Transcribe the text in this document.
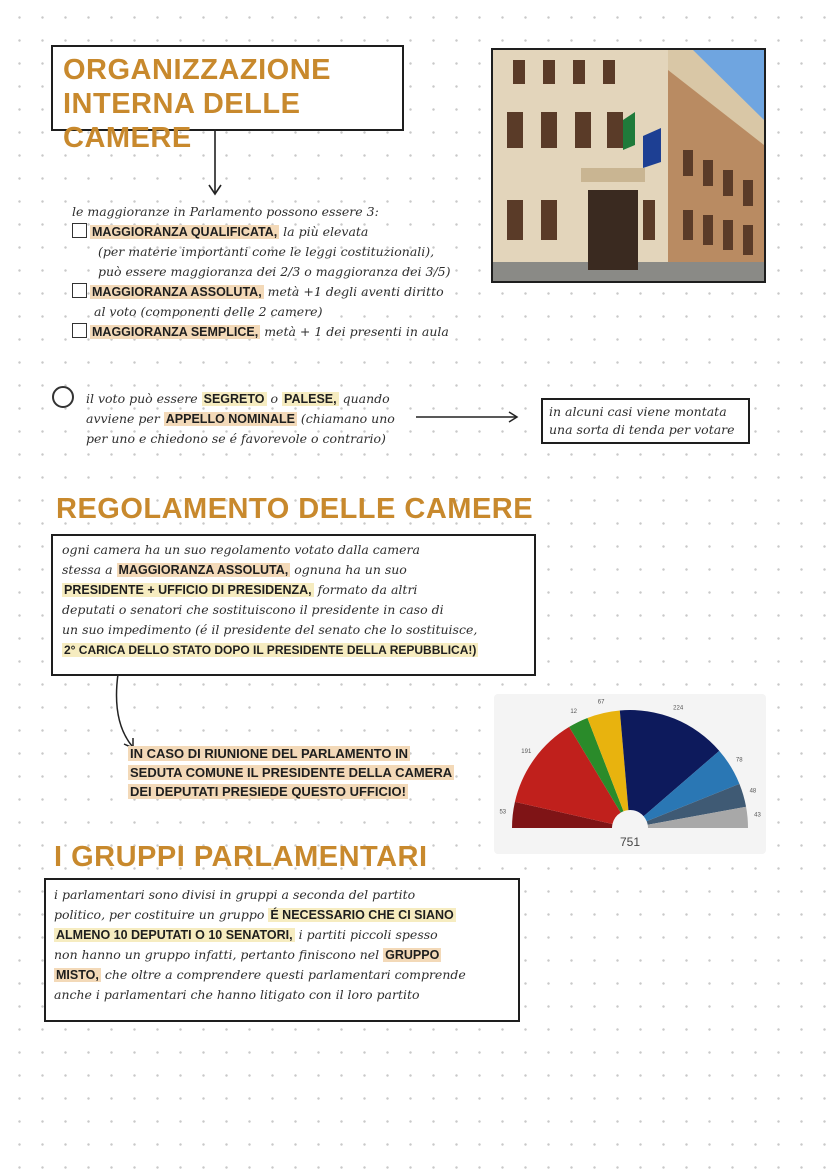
ORGANIZZAZIONE
INTERNA DELLE CAMERE
le maggioranze in Parlamento possono essere 3:
MAGGIORANZA QUALIFICATA, la più elevata
(per materie importanti come le leggi costituzionali),
può essere maggioranza dei 2/3 o maggioranza dei 3/5)
MAGGIORANZA ASSOLUTA, metà +1 degli aventi diritto
al voto (componenti delle 2 camere)
MAGGIORANZA SEMPLICE, metà + 1 dei presenti in aula
il voto può essere SEGRETO o PALESE, quando
avviene per APPELLO NOMINALE (chiamano uno
per uno e chiedono se é favorevole o contrario)
in alcuni casi viene montata
una sorta di tenda per votare
REGOLAMENTO DELLE CAMERE
ogni camera ha un suo regolamento votato dalla camera
stessa a MAGGIORANZA ASSOLUTA, ognuna ha un suo
PRESIDENTE + UFFICIO DI PRESIDENZA, formato da altri
deputati o senatori che sostituiscono il presidente in caso di
un suo impedimento (é il presidente del senato che lo sostituisce,
2° CARICA DELLO STATO DOPO IL PRESIDENTE DELLA REPUBBLICA!)
IN CASO DI RIUNIONE DEL PARLAMENTO IN
SEDUTA COMUNE IL PRESIDENTE DELLA CAMERA
DEI DEPUTATI PRESIEDE QUESTO UFFICIO!
53
191
12
67
224
78
48
43
751
I GRUPPI PARLAMENTARI
i parlamentari sono divisi in gruppi a seconda del partito
politico, per costituire un gruppo É NECESSARIO CHE CI SIANO
ALMENO 10 DEPUTATI O 10 SENATORI, i partiti piccoli spesso
non hanno un gruppo infatti, pertanto finiscono nel GRUPPO
MISTO, che oltre a comprendere questi parlamentari comprende
anche i parlamentari che hanno litigato con il loro partito
